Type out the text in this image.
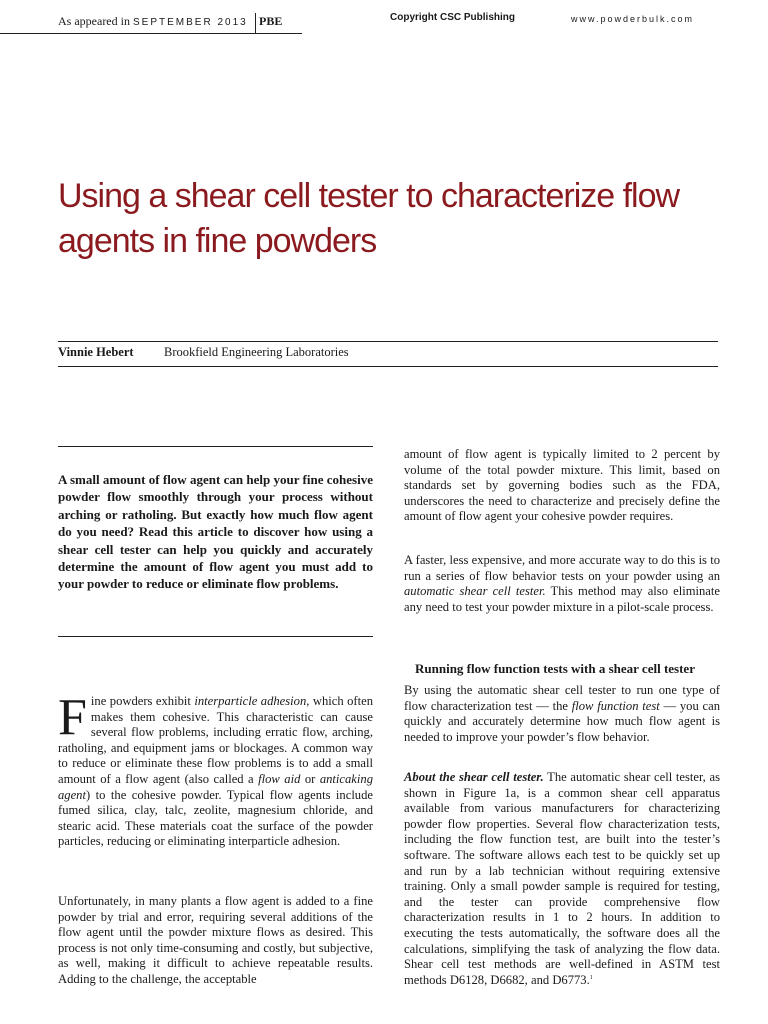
As appeared in SEPTEMBER 2013 PBE	Copyright CSC Publishing	www.powderbulk.com
Using a shear cell tester to characterize flow agents in fine powders
Vinnie Hebert Brookfield Engineering Laboratories

A small amount of flow agent can help your fine cohesive powder flow smoothly through your process without arching or ratholing. But exactly how much flow agent do you need? Read this article to discover how using a shear cell tester can help you quickly and accurately determine the amount of flow agent you must add to your powder to reduce or eliminate flow problems.

Fine powders exhibit interparticle adhesion, which often makes them cohesive. This characteristic can cause several flow problems, including erratic flow, arching, ratholing, and equipment jams or blockages. A common way to reduce or eliminate these flow problems is to add a small amount of a flow agent (also called a flow aid or anticaking agent) to the cohesive powder. Typical flow agents include fumed silica, clay, talc, zeolite, magnesium chloride, and stearic acid. These materials coat the surface of the powder particles, reducing or eliminating interparticle adhesion.

Unfortunately, in many plants a flow agent is added to a fine powder by trial and error, requiring several additions of the flow agent until the powder mixture flows as desired. This process is not only time-consuming and costly, but subjective, as well, making it difficult to achieve repeatable results. Adding to the challenge, the acceptable

amount of flow agent is typically limited to 2 percent by volume of the total powder mixture. This limit, based on standards set by governing bodies such as the FDA, underscores the need to characterize and precisely define the amount of flow agent your cohesive powder requires.

A faster, less expensive, and more accurate way to do this is to run a series of flow behavior tests on your powder using an automatic shear cell tester. This method may also eliminate any need to test your powder mixture in a pilot-scale process.

Running flow function tests with a shear cell tester

By using the automatic shear cell tester to run one type of flow characterization test — the flow function test — you can quickly and accurately determine how much flow agent is needed to improve your powder’s flow behavior.

About the shear cell tester. The automatic shear cell tester, as shown in Figure 1a, is a common shear cell apparatus available from various manufacturers for characterizing powder flow properties. Several flow characterization tests, including the flow function test, are built into the tester’s software. The software allows each test to be quickly set up and run by a lab technician without requiring extensive training. Only a small powder sample is required for testing, and the tester can provide comprehensive flow characterization results in 1 to 2 hours. In addition to executing the tests automatically, the software does all the calculations, simplifying the task of analyzing the flow data. Shear cell test methods are well-defined in ASTM test methods D6128, D6682, and D6773.$^1$
